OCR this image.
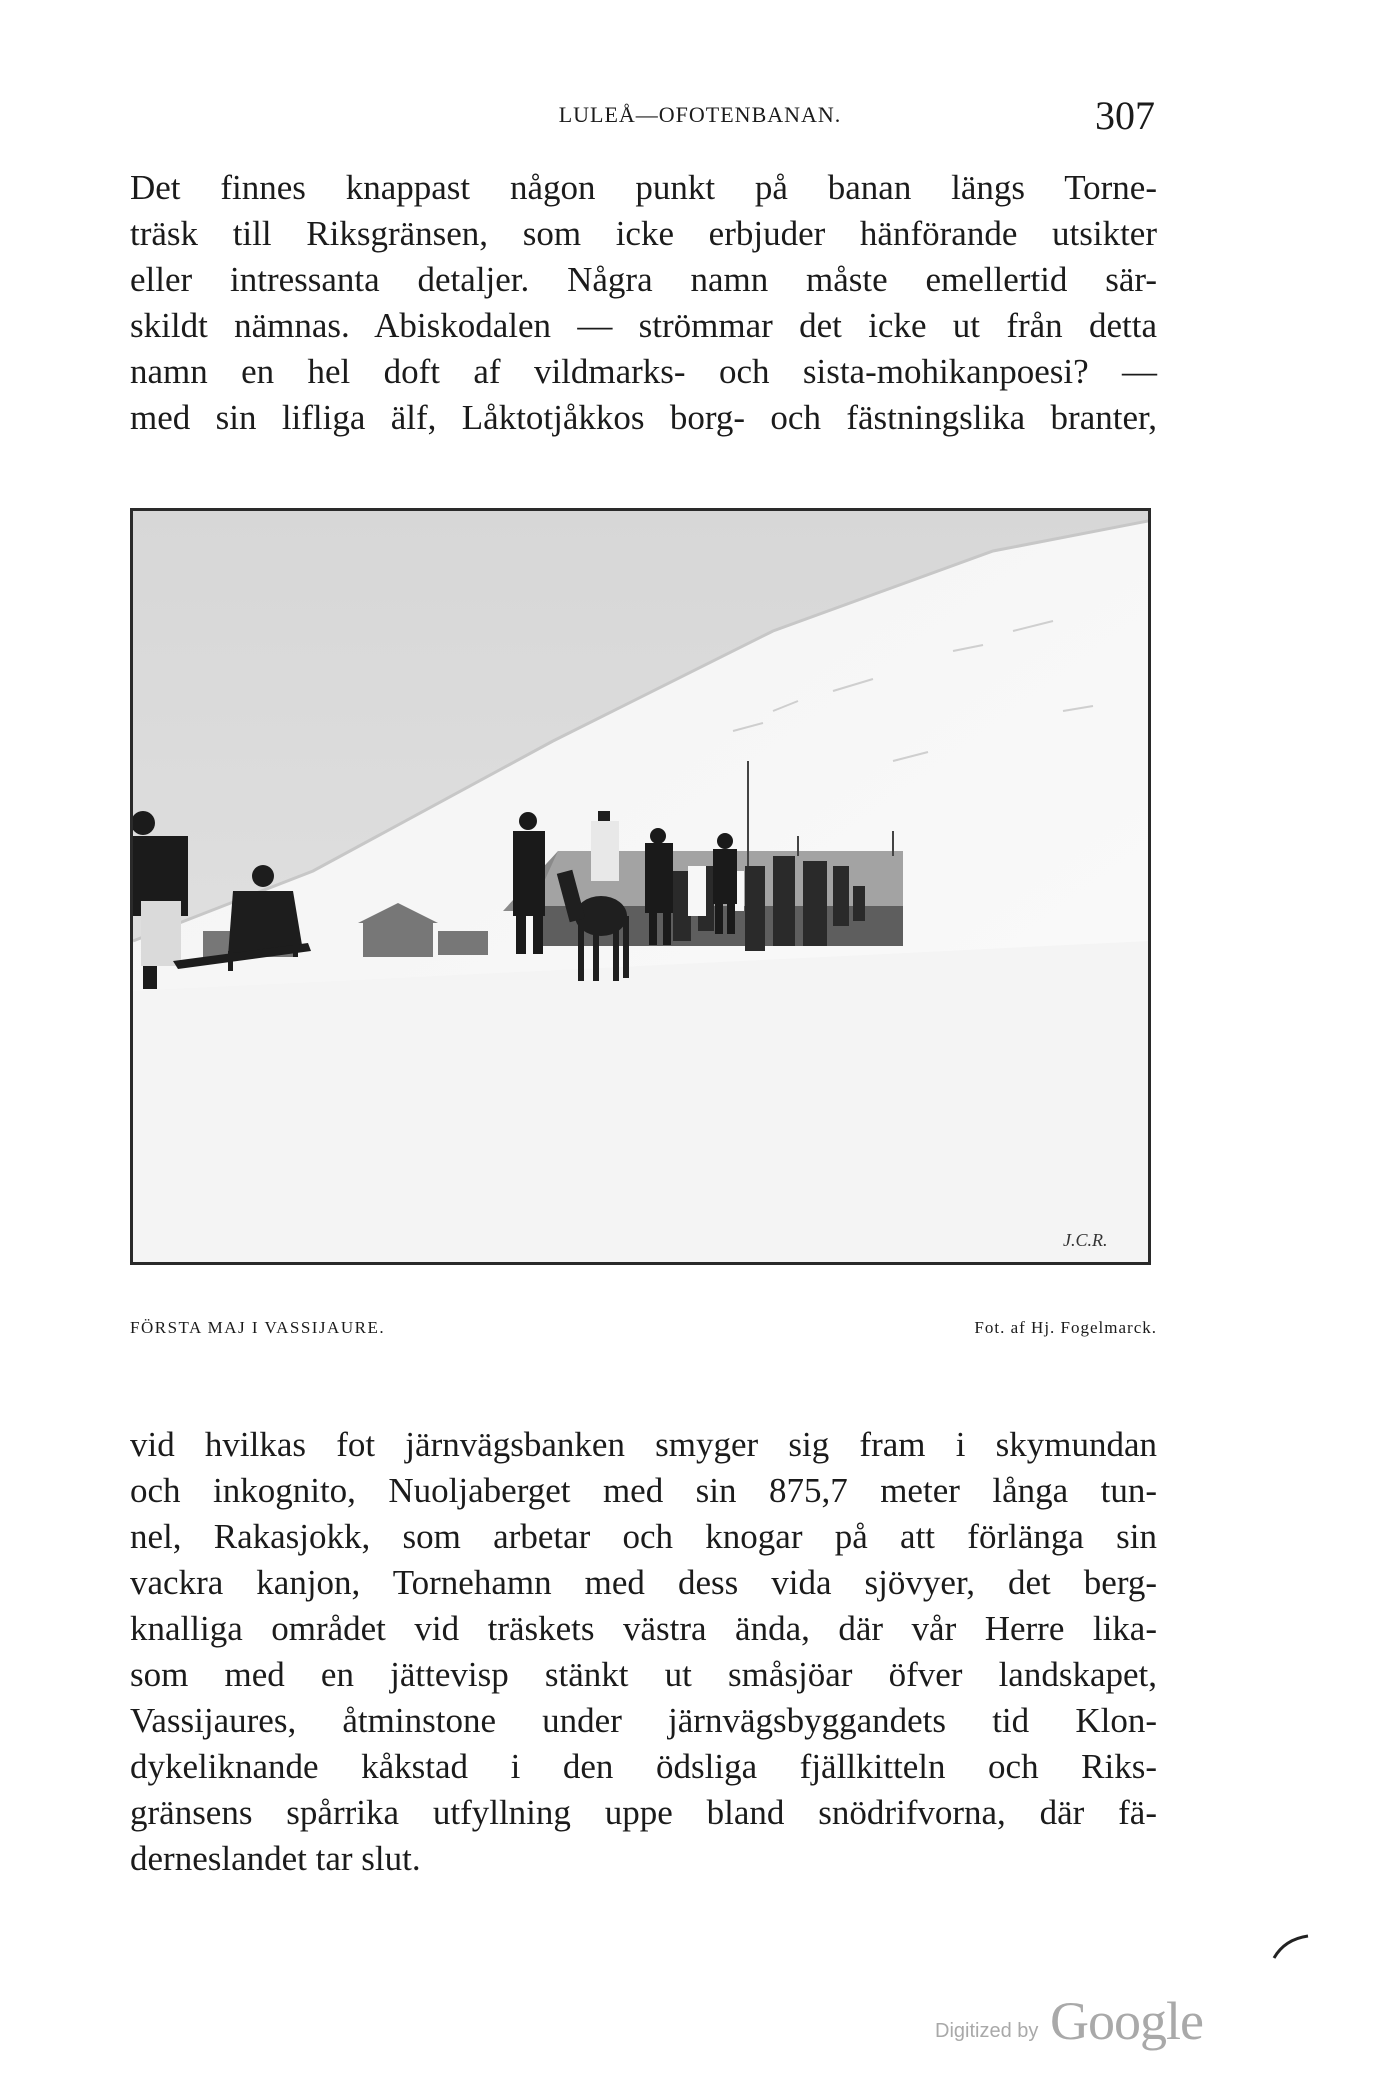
LULEÅ—OFOTENBANAN.	307
Det finnes knappast någon punkt på banan längs Torne-
träsk till Riksgränsen, som icke erbjuder hänförande utsikter
eller intressanta detaljer. Några namn måste emellertid sär-
skildt nämnas. Abiskodalen — strömmar det icke ut från detta
namn en hel doft af vildmarks- och sista-mohikanpoesi? —
med sin lifliga älf, Låktotjåkkos borg- och fästningslika branter,
J.C.R.
FÖRSTA MAJ I VASSIJAURE.	Fot. af Hj. Fogelmarck.
vid hvilkas fot järnvägsbanken smyger sig fram i skymundan
och inkognito, Nuoljaberget med sin 875,7 meter långa tun-
nel, Rakasjokk, som arbetar och knogar på att förlänga sin
vackra kanjon, Tornehamn med dess vida sjövyer, det berg-
knalliga området vid träskets västra ända, där vår Herre lika-
som med en jättevisp stänkt ut småsjöar öfver landskapet,
Vassijaures, åtminstone under järnvägsbyggandets tid Klon-
dykeliknande kåkstad i den ödsliga fjällkitteln och Riks-
gränsens spårrika utfyllning uppe bland snödrifvorna, där fä-
derneslandet tar slut.
Digitized by Google
